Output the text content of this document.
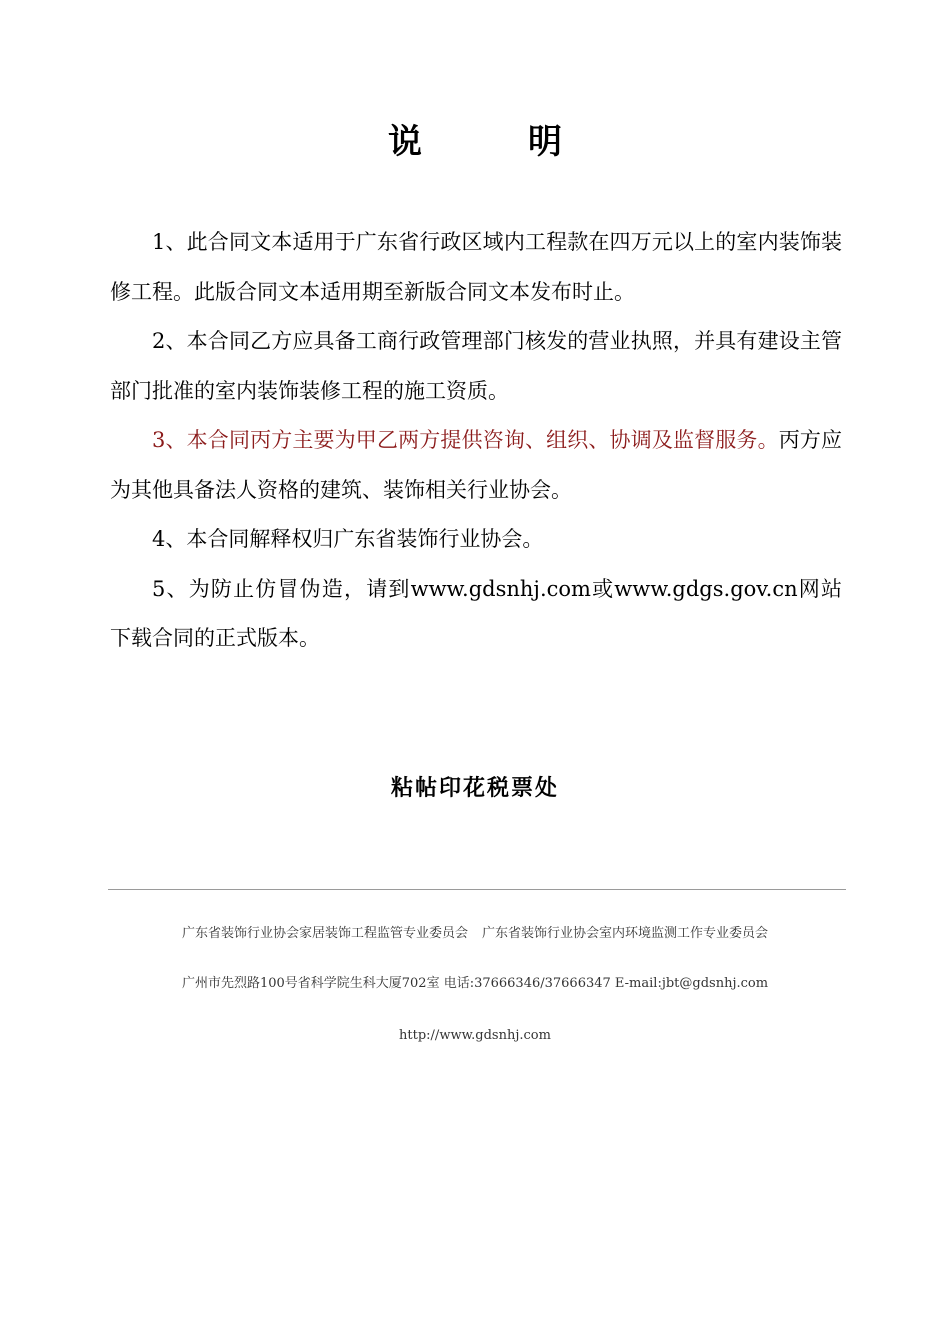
说　明

1、此合同文本适用于广东省行政区域内工程款在四万元以上的室内装饰装修工程。此版合同文本适用期至新版合同文本发布时止。

2、本合同乙方应具备工商行政管理部门核发的营业执照，并具有建设主管部门批准的室内装饰装修工程的施工资质。

3、本合同丙方主要为甲乙两方提供咨询、组织、协调及监督服务。丙方应为其他具备法人资格的建筑、装饰相关行业协会。

4、本合同解释权归广东省装饰行业协会。

5、为防止仿冒伪造，请到www.gdsnhj.com或www.gdgs.gov.cn网站下载合同的正式版本。

粘帖印花税票处
广东省装饰行业协会家居装饰工程监管专业委员会 广东省装饰行业协会室内环境监测工作专业委员会
广州市先烈路100号省科学院生科大厦702室 电话:37666346/37666347 E-mail:jbt@gdsnhj.com
http://www.gdsnhj.com
